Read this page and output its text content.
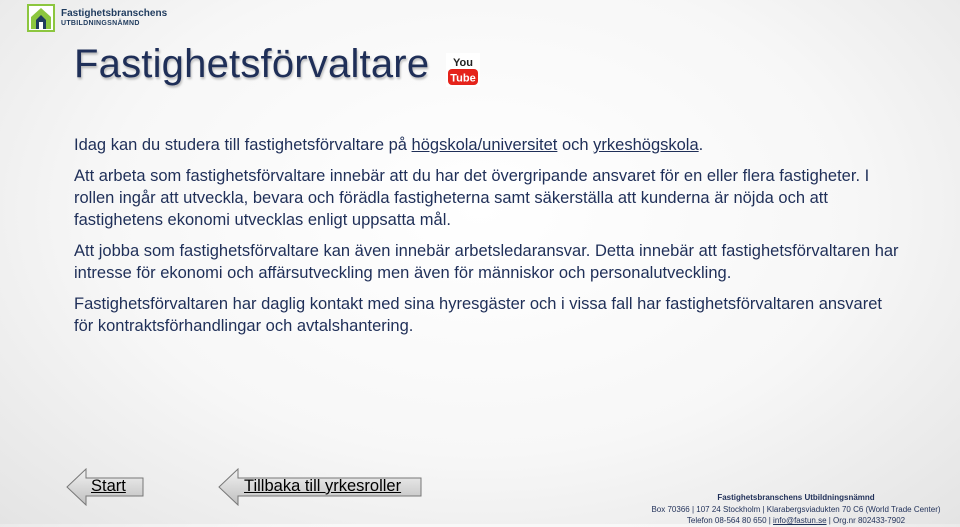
Fastighetsbranschens
UTBILDNINGSNÄMND
Fastighetsförvaltare You
Tube

Idag kan du studera till fastighetsförvaltare på högskola/universitet och yrkeshögskola.

Att arbeta som fastighetsförvaltare innebär att du har det övergripande ansvaret för en eller flera fastigheter. I rollen ingår att utveckla, bevara och förädla fastigheterna samt säkerställa att kunderna är nöjda och att fastighetens ekonomi utvecklas enligt uppsatta mål.

Att jobba som fastighetsförvaltare kan även innebär arbetsledaransvar. Detta innebär att fastighetsförvaltaren har intresse för ekonomi och affärsutveckling men även för människor och personalutveckling.

Fastighetsförvaltaren har daglig kontakt med sina hyresgäster och i vissa fall har fastighetsförvaltaren ansvaret för kontraktsförhandlingar och avtalshantering.

Start	Tillbaka till yrkesroller
Fastighetsbranschens Utbildningsnämnd
Box 70366 | 107 24 Stockholm | Klarabergsviadukten 70 C6 (World Trade Center)
Telefon 08-564 80 650 | info@fastun.se | Org.nr 802433-7902
